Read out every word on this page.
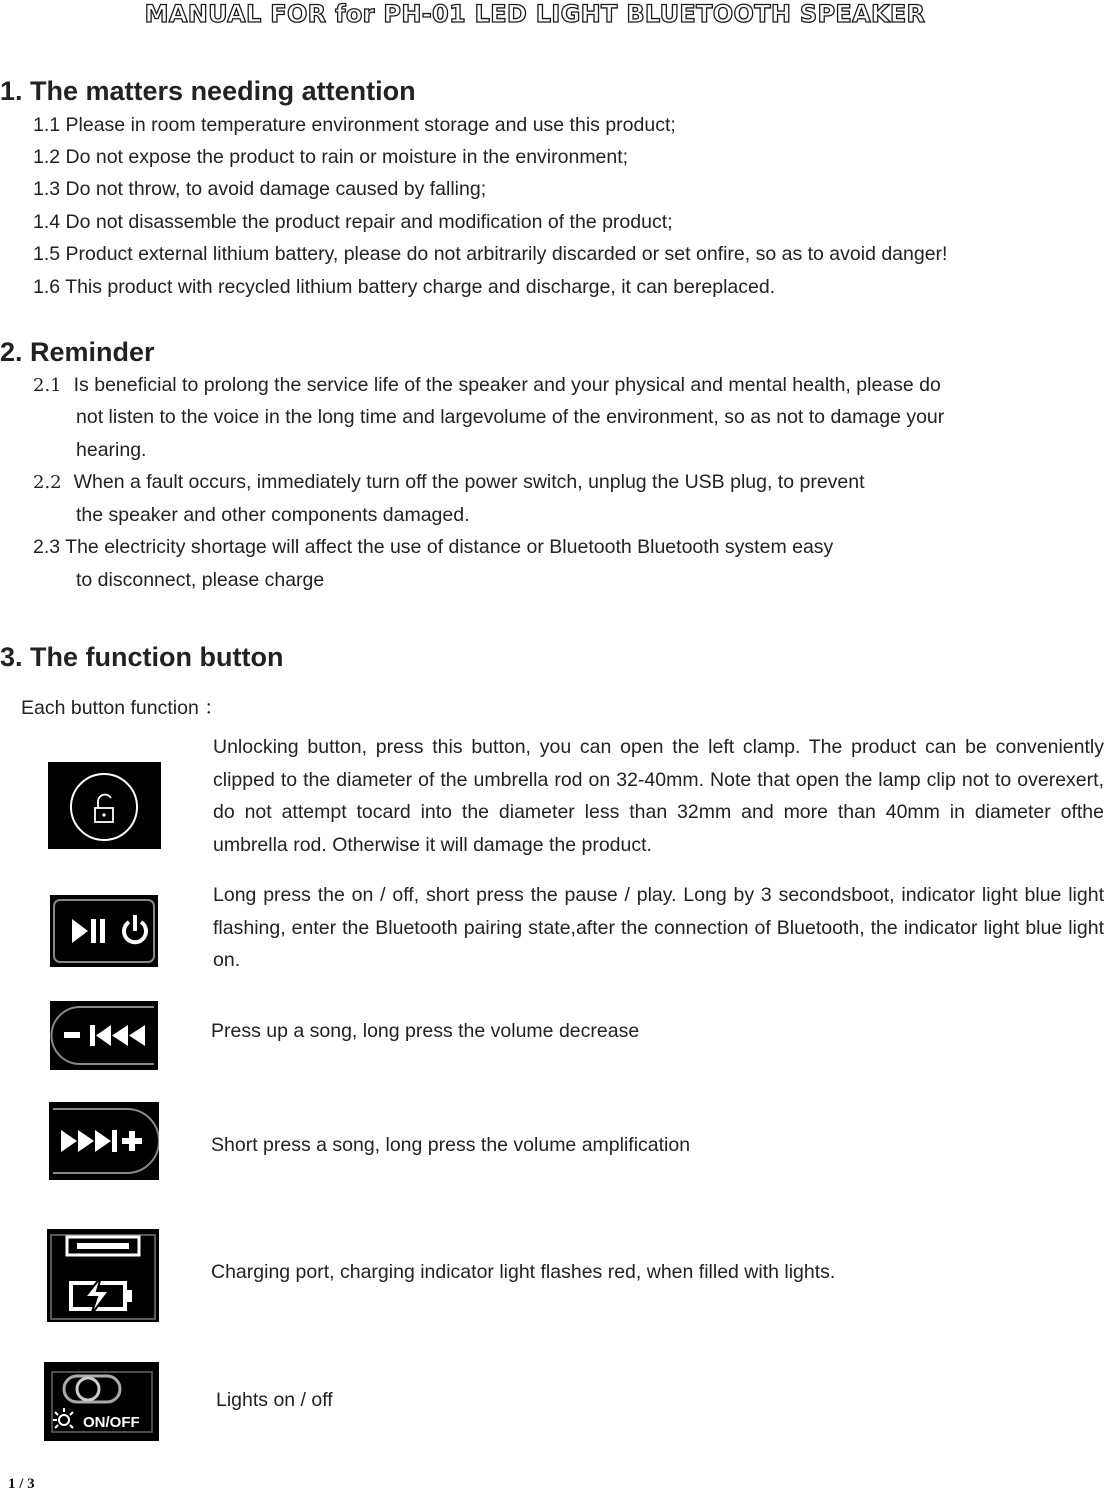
MANUAL FOR for PH-01 LED LIGHT BLUETOOTH SPEAKER
1. The matters needing attention
1.1 Please in room temperature environment storage and use this product;
1.2 Do not expose the product to rain or moisture in the environment;
1.3 Do not throw, to avoid damage caused by falling;
1.4 Do not disassemble the product repair and modification of the product;
1.5 Product external lithium battery, please do not arbitrarily discarded or set onfire, so as to avoid danger!
1.6 This product with recycled lithium battery charge and discharge, it can bereplaced.
2. Reminder
2.1 Is beneficial to prolong the service life of the speaker and your physical and mental health, please do
not listen to the voice in the long time and largevolume of the environment, so as not to damage your
hearing.
2.2 When a fault occurs, immediately turn off the power switch, unplug the USB plug, to prevent
the speaker and other components damaged.
2.3 The electricity shortage will affect the use of distance or Bluetooth Bluetooth system easy
to disconnect, please charge
3. The function button
Each button function ：
Unlocking button, press this button, you can open the left clamp. The product can be conveniently clipped to the diameter of the umbrella rod on 32-40mm. Note that open the lamp clip not to overexert, do not attempt tocard into the diameter less than 32mm and more than 40mm in diameter ofthe umbrella rod. Otherwise it will damage the product.
Long press the on / off, short press the pause / play. Long by 3 secondsboot, indicator light blue light flashing, enter the Bluetooth pairing state,after the connection of Bluetooth, the indicator light blue light on.
Press up a song, long press the volume decrease
Short press a song, long press the volume amplification
Charging port, charging indicator light flashes red, when filled with lights.
ON/OFF
Lights on / off
1 / 3
